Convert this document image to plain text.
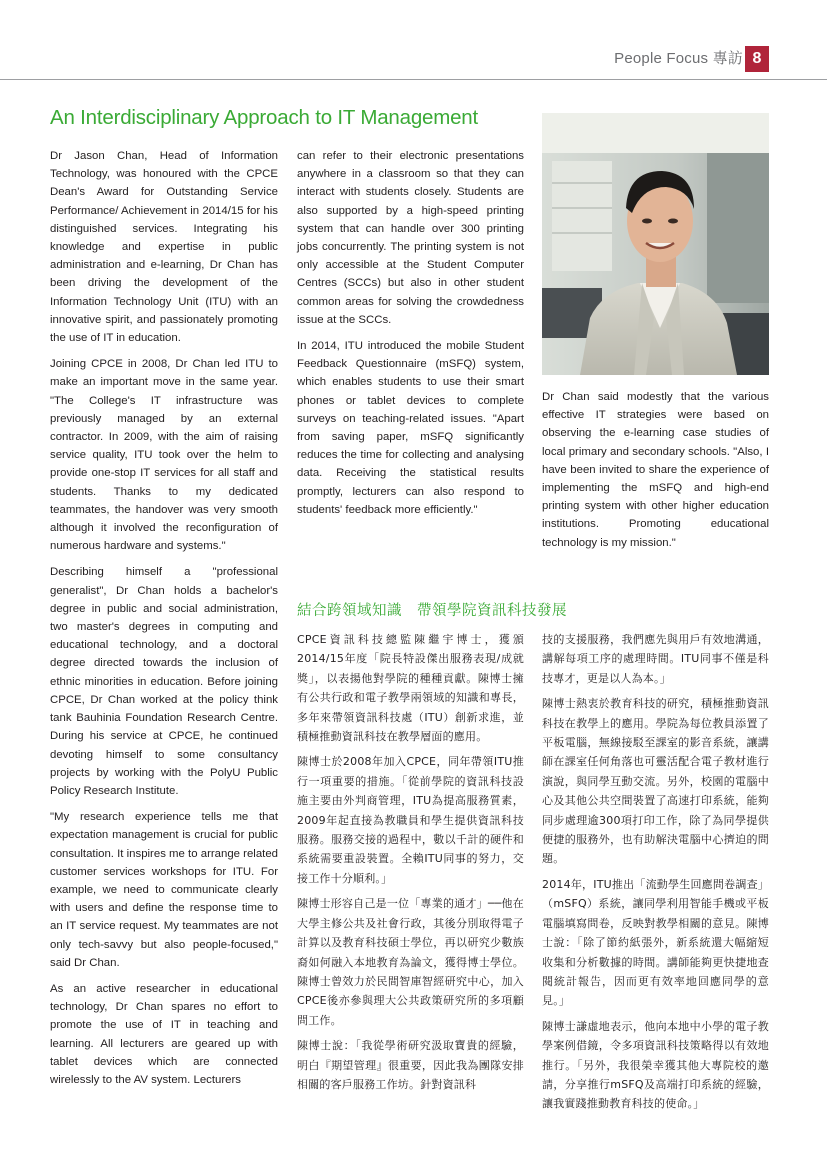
People Focus 專訪 8
An Interdisciplinary Approach to IT Management

Dr Jason Chan, Head of Information Technology, was honoured with the CPCE Dean's Award for Outstanding Service Performance/ Achievement in 2014/15 for his distinguished services. Integrating his knowledge and expertise in public administration and e-learning, Dr Chan has been driving the development of the Information Technology Unit (ITU) with an innovative spirit, and passionately promoting the use of IT in education.

Joining CPCE in 2008, Dr Chan led ITU to make an important move in the same year. "The College's IT infrastructure was previously managed by an external contractor. In 2009, with the aim of raising service quality, ITU took over the helm to provide one-stop IT services for all staff and students. Thanks to my dedicated teammates, the handover was very smooth although it involved the reconfiguration of numerous hardware and systems."

Describing himself a "professional generalist", Dr Chan holds a bachelor's degree in public and social administration, two master's degrees in computing and educational technology, and a doctoral degree directed towards the inclusion of ethnic minorities in education. Before joining CPCE, Dr Chan worked at the policy think tank Bauhinia Foundation Research Centre. During his service at CPCE, he continued devoting himself to some consultancy projects by working with the PolyU Public Policy Research Institute.

"My research experience tells me that expectation management is crucial for public consultation. It inspires me to arrange related customer services workshops for ITU. For example, we need to communicate clearly with users and define the response time to an IT service request. My teammates are not only tech-savvy but also people-focused," said Dr Chan.

As an active researcher in educational technology, Dr Chan spares no effort to promote the use of IT in teaching and learning. All lecturers are geared up with tablet devices which are connected wirelessly to the AV system. Lecturers

can refer to their electronic presentations anywhere in a classroom so that they can interact with students closely. Students are also supported by a high-speed printing system that can handle over 300 printing jobs concurrently. The printing system is not only accessible at the Student Computer Centres (SCCs) but also in other student common areas for solving the crowdedness issue at the SCCs.

In 2014, ITU introduced the mobile Student Feedback Questionnaire (mSFQ) system, which enables students to use their smart phones or tablet devices to complete surveys on teaching-related issues. "Apart from saving paper, mSFQ significantly reduces the time for collecting and analysing data. Receiving the statistical results promptly, lecturers can also respond to students' feedback more efficiently."

Dr Chan said modestly that the various effective IT strategies were based on observing the e-learning case studies of local primary and secondary schools. "Also, I have been invited to share the experience of implementing the mSFQ and high-end printing system with other higher education institutions. Promoting educational technology is my mission."

結合跨領域知識　帶領學院資訊科技發展

CPCE資訊科技總監陳繼宇博士，獲頒2014/15年度「院長特設傑出服務表現/成就獎」，以表揚他對學院的種種貢獻。陳博士擁有公共行政和電子教學兩領域的知識和專長，多年來帶領資訊科技處（ITU）創新求進，並積極推動資訊科技在教學層面的應用。

陳博士於2008年加入CPCE，同年帶領ITU推行一項重要的措施。「從前學院的資訊科技設施主要由外判商管理，ITU為提高服務質素，2009年起直接為教職員和學生提供資訊科技服務。服務交接的過程中，數以千計的硬件和系統需要重設裝置。全賴ITU同事的努力，交接工作十分順利。」

陳博士形容自己是一位「專業的通才」──他在大學主修公共及社會行政，其後分別取得電子計算以及教育科技碩士學位，再以研究少數族裔如何融入本地教育為論文，獲得博士學位。陳博士曾效力於民間智庫智經研究中心，加入CPCE後亦參與理大公共政策研究所的多項顧問工作。

陳博士說：「我從學術研究汲取寶貴的經驗，明白『期望管理』很重要，因此我為團隊安排相關的客戶服務工作坊。針對資訊科

技的支援服務，我們應先與用戶有效地溝通，講解每項工序的處理時間。ITU同事不僅是科技專才，更是以人為本。」

陳博士熱衷於教育科技的研究，積極推動資訊科技在教學上的應用。學院為每位教員添置了平板電腦，無線接駁至課室的影音系統，讓講師在課室任何角落也可靈活配合電子教材進行演說，與同學互動交流。另外，校園的電腦中心及其他公共空間裝置了高速打印系統，能夠同步處理逾300項打印工作，除了為同學提供便捷的服務外，也有助解決電腦中心擠迫的問題。

2014年，ITU推出「流動學生回應問卷調查」（mSFQ）系統，讓同學利用智能手機或平板電腦填寫問卷，反映對教學相關的意見。陳博士說：「除了節約紙張外，新系統還大幅縮短收集和分析數據的時間。講師能夠更快捷地查閱統計報告，因而更有效率地回應同學的意見。」

陳博士謙虛地表示，他向本地中小學的電子教學案例借鏡，令多項資訊科技策略得以有效地推行。「另外，我很榮幸獲其他大專院校的邀請，分享推行mSFQ及高端打印系統的經驗，讓我實踐推動教育科技的使命。」
